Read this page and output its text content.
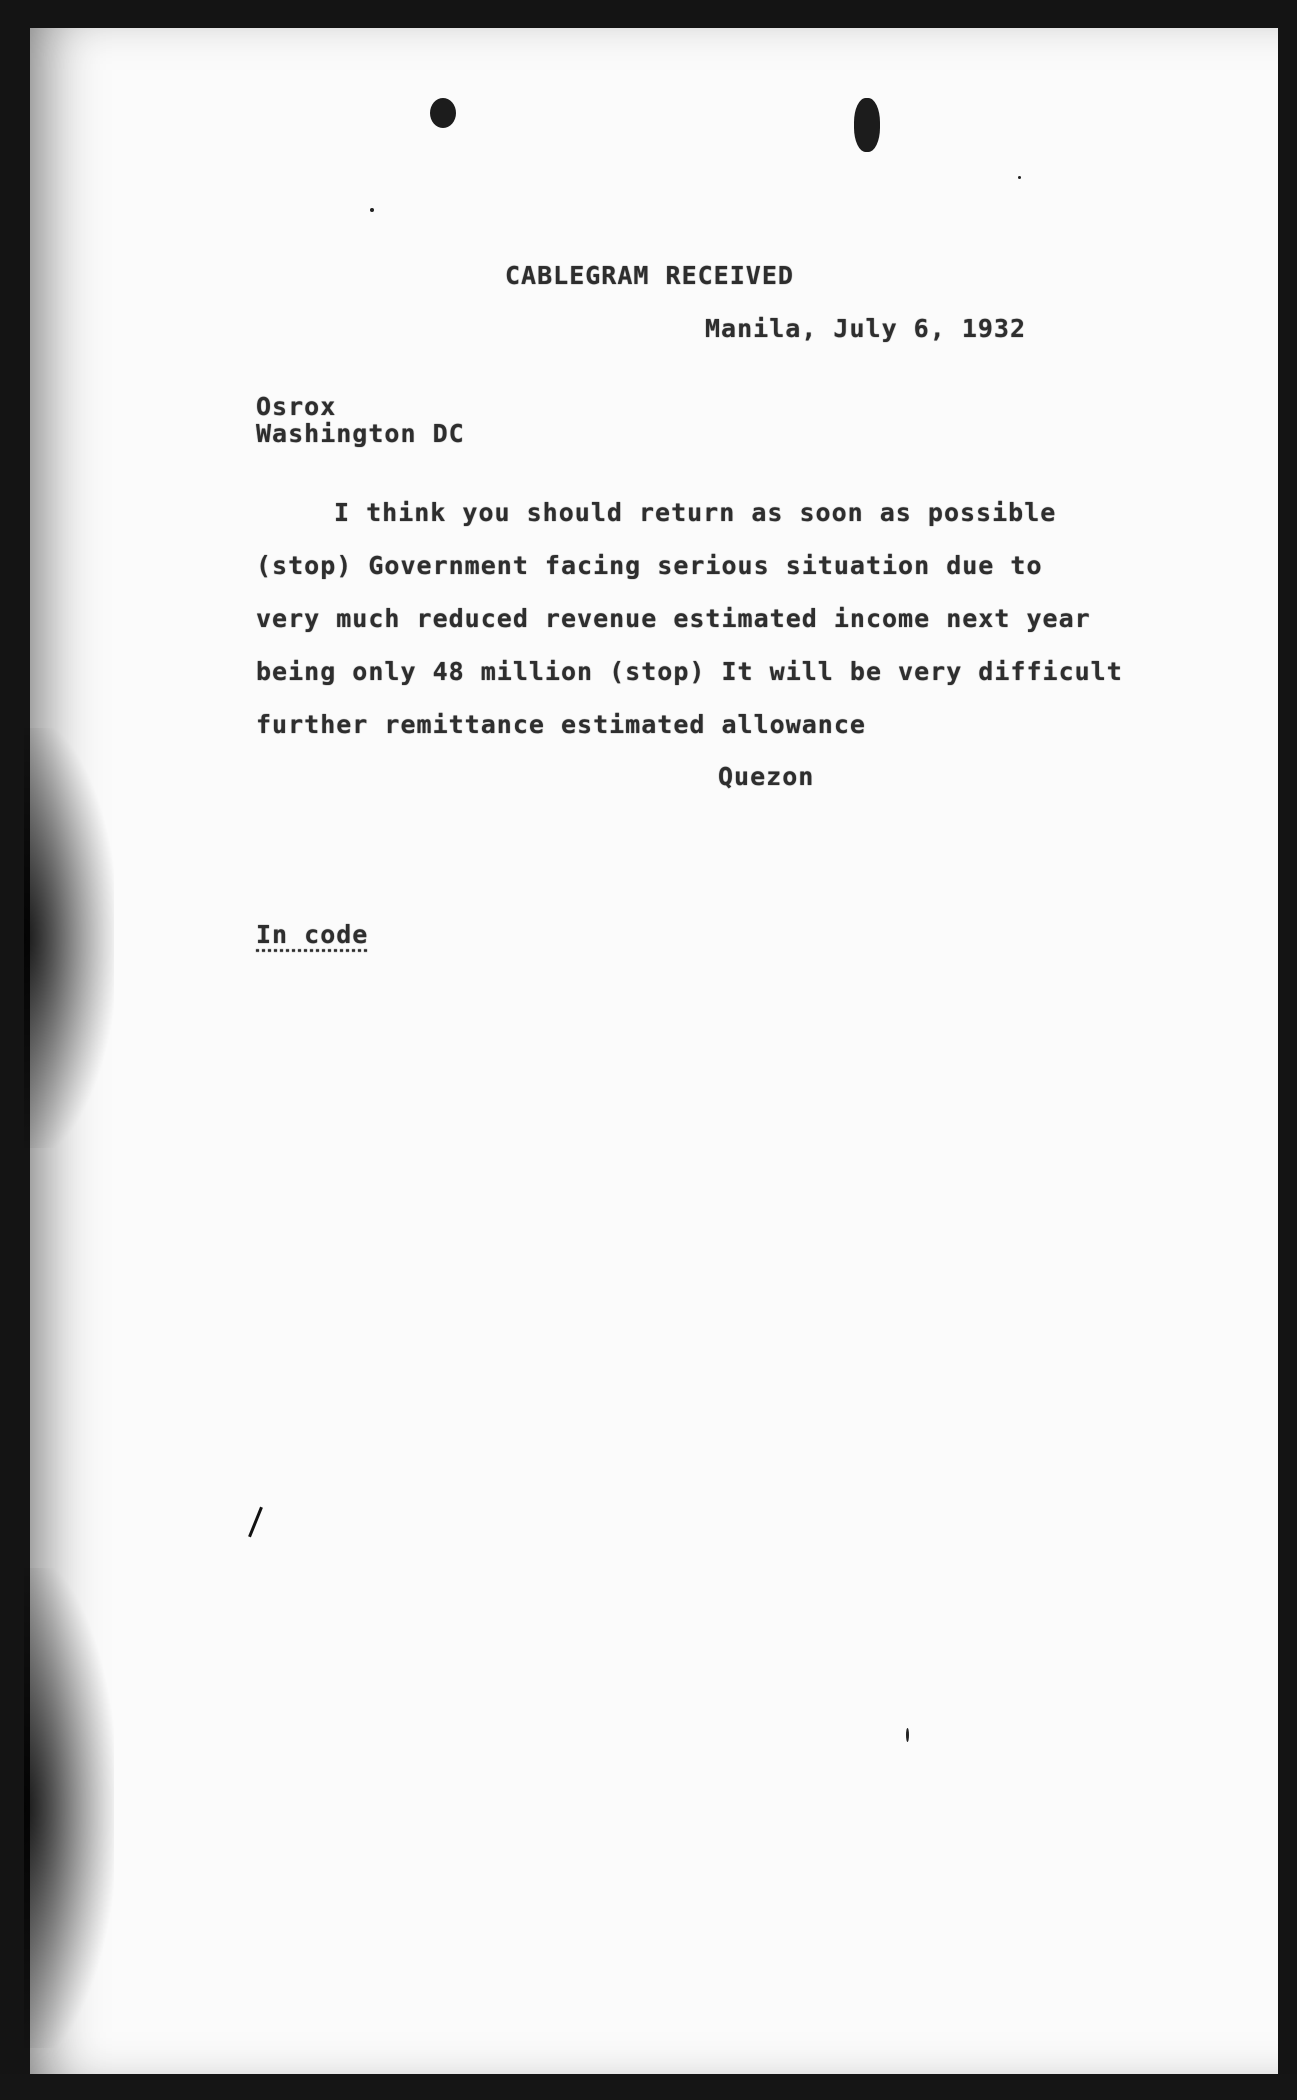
CABLEGRAM RECEIVED
Manila, July 6, 1932
Osrox
Washington DC
I think you should return as soon as possible
(stop) Government facing serious situation due to
very much reduced revenue estimated income next year
being only 48 million (stop) It will be very difficult
further remittance estimated allowance
Quezon
In code
